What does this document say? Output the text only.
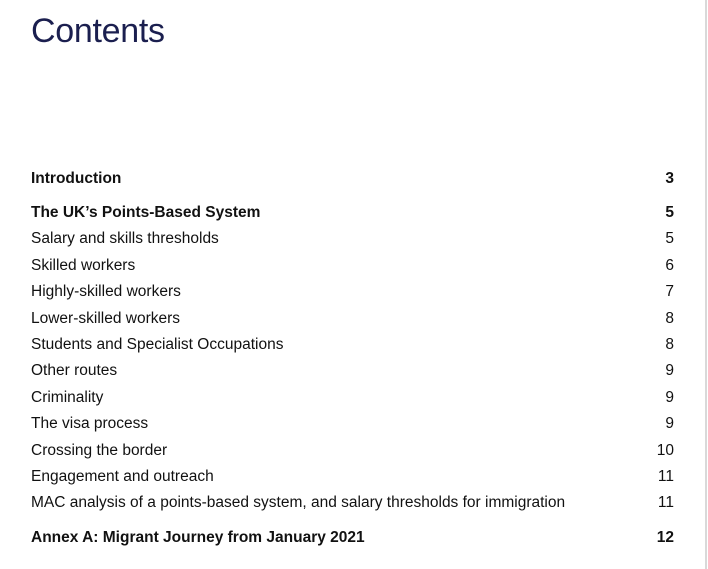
Contents
Introduction	3
The UK’s Points-Based System	5
Salary and skills thresholds	5
Skilled workers	6
Highly-skilled workers	7
Lower-skilled workers	8
Students and Specialist Occupations	8
Other routes	9
Criminality	9
The visa process	9
Crossing the border	10
Engagement and outreach	11
MAC analysis of a points-based system, and salary thresholds for immigration	11
Annex A: Migrant Journey from January 2021	12
